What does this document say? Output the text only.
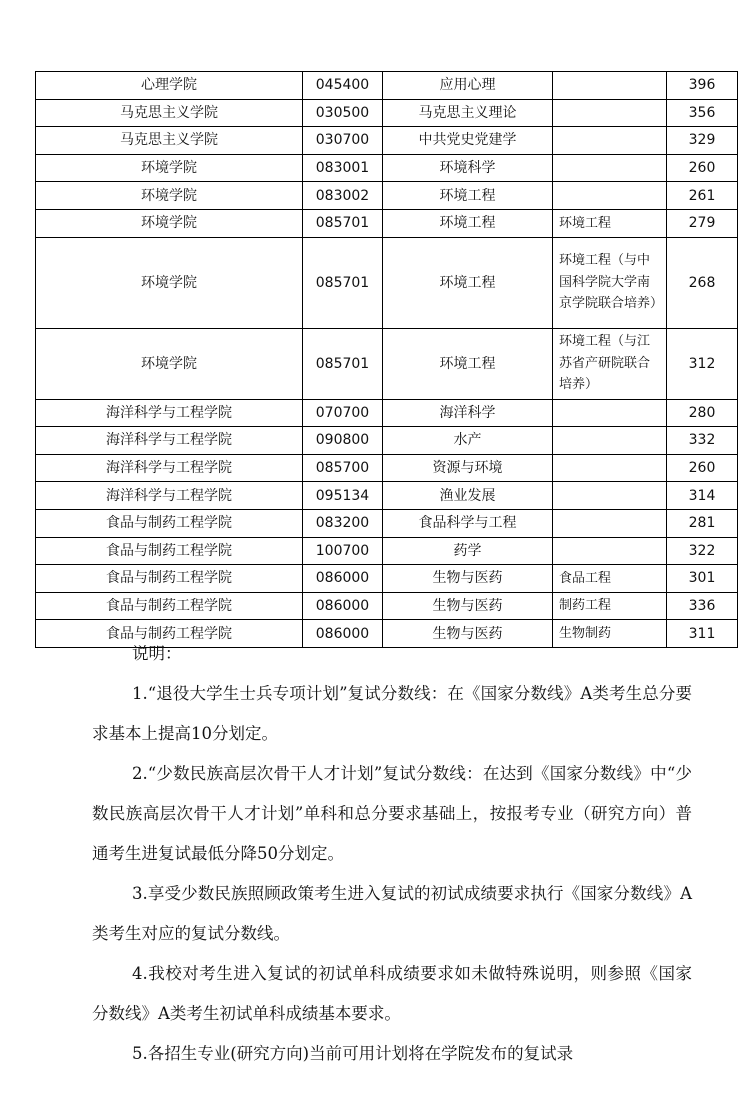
心理学院	045400	应用心理		396
马克思主义学院	030500	马克思主义理论		356
马克思主义学院	030700	中共党史党建学		329
环境学院	083001	环境科学		260
环境学院	083002	环境工程		261
环境学院	085701	环境工程	环境工程	279
环境学院	085701	环境工程	环境工程（与中国科学院大学南京学院联合培养）	268
环境学院	085701	环境工程	环境工程（与江苏省产研院联合培养）	312
海洋科学与工程学院	070700	海洋科学		280
海洋科学与工程学院	090800	水产		332
海洋科学与工程学院	085700	资源与环境		260
海洋科学与工程学院	095134	渔业发展		314
食品与制药工程学院	083200	食品科学与工程		281
食品与制药工程学院	100700	药学		322
食品与制药工程学院	086000	生物与医药	食品工程	301
食品与制药工程学院	086000	生物与医药	制药工程	336
食品与制药工程学院	086000	生物与医药	生物制药	311

说明：

1.“退役大学生士兵专项计划”复试分数线：在《国家分数线》A类考生总分要求基本上提高10分划定。

2.“少数民族高层次骨干人才计划”复试分数线：在达到《国家分数线》中“少数民族高层次骨干人才计划”单科和总分要求基础上，按报考专业（研究方向）普通考生进复试最低分降50分划定。

3.享受少数民族照顾政策考生进入复试的初试成绩要求执行《国家分数线》A类考生对应的复试分数线。

4.我校对考生进入复试的初试单科成绩要求如未做特殊说明，则参照《国家分数线》A类考生初试单科成绩基本要求。

5.各招生专业(研究方向)当前可用计划将在学院发布的复试录
